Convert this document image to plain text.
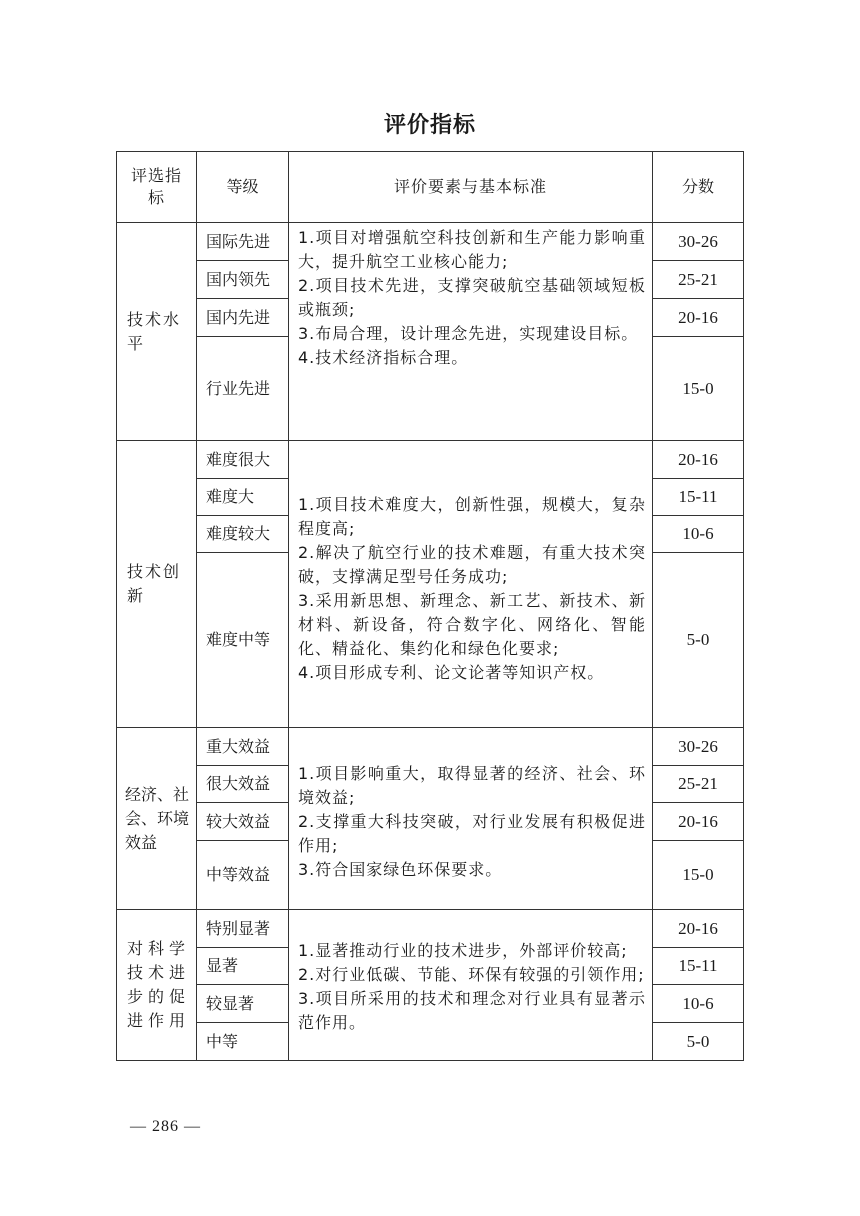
评价指标
评选指标
等级	评价要素与基本标准	分数
技术水平
国际先进
国内领先
国内先进
行业先进
1.项目对增强航空科技创新和生产能力影响重大，提升航空工业核心能力;
2.项目技术先进，支撑突破航空基础领域短板或瓶颈;
3.布局合理，设计理念先进，实现建设目标。
4.技术经济指标合理。
30-26
25-21
20-16
15-0
技术创新
难度很大
难度大
难度较大
难度中等
1.项目技术难度大，创新性强，规模大，复杂程度高;
2.解决了航空行业的技术难题，有重大技术突破，支撑满足型号任务成功;
3.采用新思想、新理念、新工艺、新技术、新材料、新设备，符合数字化、网络化、智能化、精益化、集约化和绿色化要求;
4.项目形成专利、论文论著等知识产权。
20-16
15-11
10-6
5-0
经济、社会、环境效益
重大效益
很大效益
较大效益
中等效益
1.项目影响重大，取得显著的经济、社会、环境效益;
2.支撑重大科技突破，对行业发展有积极促进作用;
3.符合国家绿色环保要求。
30-26
25-21
20-16
15-0
对科学技术进步的促进作用
特别显著
显著
较显著
中等
1.显著推动行业的技术进步，外部评价较高;
2.对行业低碳、节能、环保有较强的引领作用;
3.项目所采用的技术和理念对行业具有显著示范作用。
20-16
15-11
10-6
5-0
— 286 —
